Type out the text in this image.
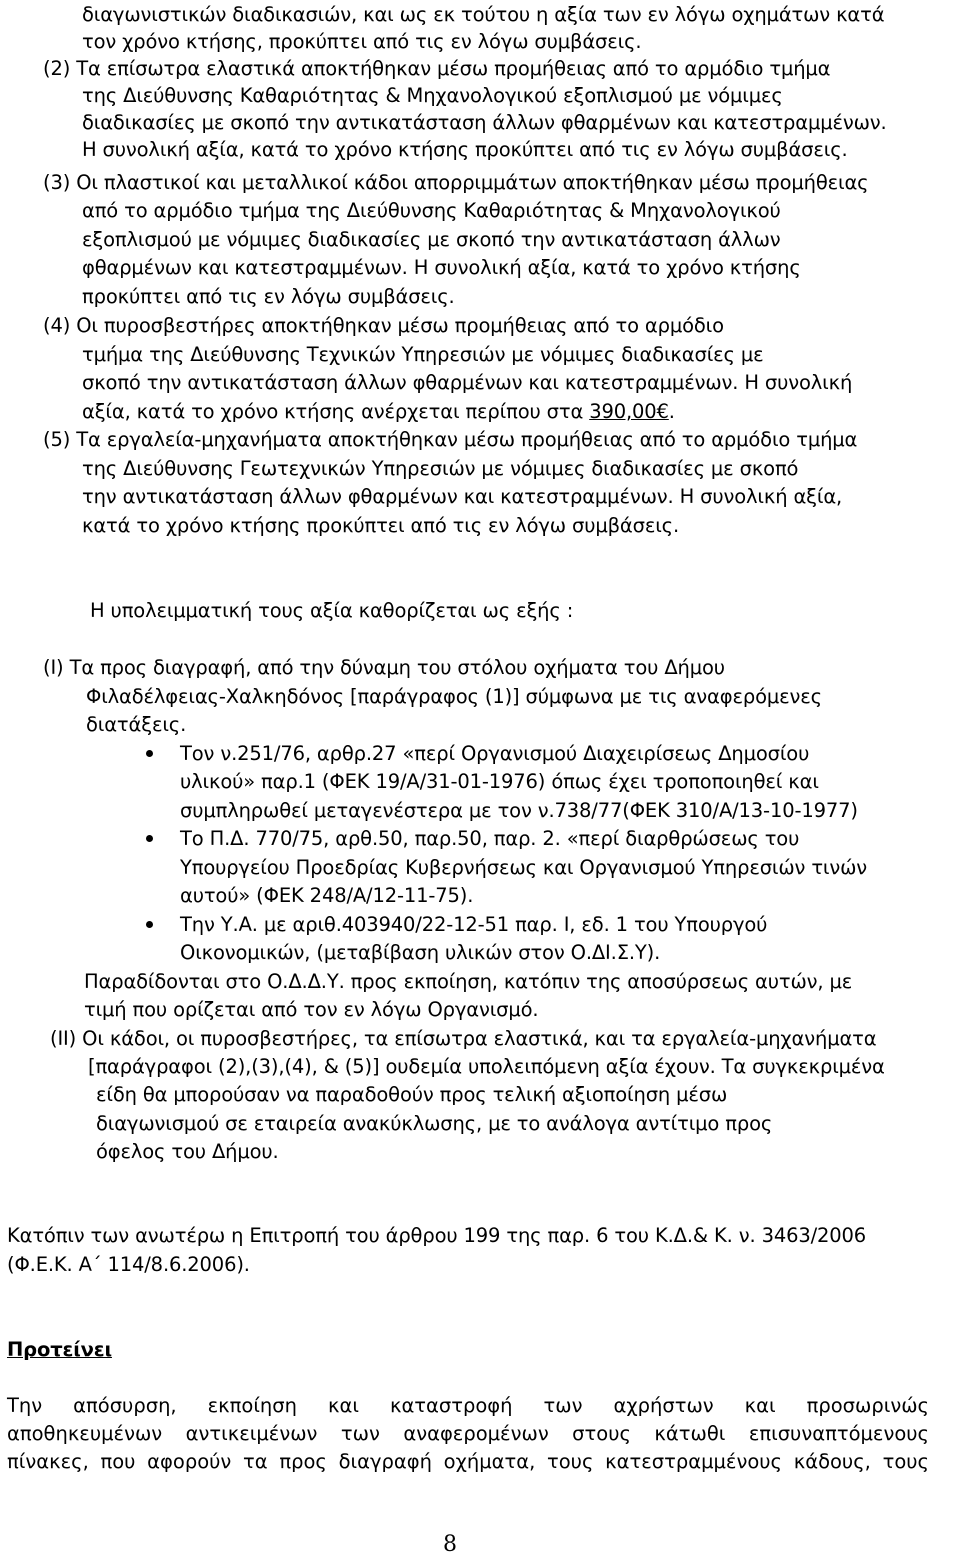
διαγωνιστικών διαδικασιών, και ως εκ τούτου η αξία των εν λόγω οχημάτων κατά
τον χρόνο κτήσης, προκύπτει από τις εν λόγω συμβάσεις.
(2) Τα επίσωτρα ελαστικά αποκτήθηκαν μέσω προμήθειας από το αρμόδιο τμήμα
της Διεύθυνσης Καθαριότητας & Μηχανολογικού εξοπλισμού με νόμιμες
διαδικασίες με σκοπό την αντικατάσταση άλλων φθαρμένων και κατεστραμμένων.
Η συνολική αξία, κατά το χρόνο κτήσης προκύπτει από τις εν λόγω συμβάσεις.
(3) Οι πλαστικοί και μεταλλικοί κάδοι απορριμμάτων αποκτήθηκαν μέσω προμήθειας
από το αρμόδιο τμήμα της Διεύθυνσης Καθαριότητας & Μηχανολογικού
εξοπλισμού με νόμιμες διαδικασίες με σκοπό την αντικατάσταση άλλων
φθαρμένων και κατεστραμμένων. Η συνολική αξία, κατά το χρόνο κτήσης
προκύπτει από τις εν λόγω συμβάσεις.
(4) Οι πυροσβεστήρες αποκτήθηκαν μέσω προμήθειας από το αρμόδιο
τμήμα της Διεύθυνσης Τεχνικών Υπηρεσιών με νόμιμες διαδικασίες με
σκοπό την αντικατάσταση άλλων φθαρμένων και κατεστραμμένων. Η συνολική
αξία, κατά το χρόνο κτήσης ανέρχεται περίπου στα 390,00€.
(5) Τα εργαλεία-μηχανήματα αποκτήθηκαν μέσω προμήθειας από το αρμόδιο τμήμα
της Διεύθυνσης Γεωτεχνικών Υπηρεσιών με νόμιμες διαδικασίες με σκοπό
την αντικατάσταση άλλων φθαρμένων και κατεστραμμένων. Η συνολική αξία,
κατά το χρόνο κτήσης προκύπτει από τις εν λόγω συμβάσεις.
Η υπολειμματική τους αξία καθορίζεται ως εξής :
(Ι) Τα προς διαγραφή, από την δύναμη του στόλου οχήματα του Δήμου
Φιλαδέλφειας-Χαλκηδόνος [παράγραφος (1)] σύμφωνα με τις αναφερόμενες
διατάξεις.
Τον ν.251/76, αρθρ.27 «περί Οργανισμού Διαχειρίσεως Δημοσίου
υλικού» παρ.1 (ΦΕΚ 19/Α/31-01-1976) όπως έχει τροποποιηθεί και
συμπληρωθεί μεταγενέστερα με τον ν.738/77(ΦΕΚ 310/Α/13-10-1977)
Το Π.Δ. 770/75, αρθ.50, παρ.50, παρ. 2. «περί διαρθρώσεως του
Υπουργείου Προεδρίας Κυβερνήσεως και Οργανισμού Υπηρεσιών τινών
αυτού» (ΦΕΚ 248/Α/12-11-75).
Την Υ.Α. με αριθ.403940/22-12-51 παρ. Ι, εδ. 1 του Υπουργού
Οικονομικών, (μεταβίβαση υλικών στον Ο.ΔΙ.Σ.Υ).
Παραδίδονται στο Ο.Δ.Δ.Υ. προς εκποίηση, κατόπιν της αποσύρσεως αυτών, με
τιμή που ορίζεται από τον εν λόγω Οργανισμό.
(ΙΙ) Οι κάδοι, οι πυροσβεστήρες, τα επίσωτρα ελαστικά, και τα εργαλεία-μηχανήματα
[παράγραφοι (2),(3),(4), & (5)] ουδεμία υπολειπόμενη αξία έχουν. Τα συγκεκριμένα
είδη θα μπορούσαν να παραδοθούν προς τελική αξιοποίηση μέσω
διαγωνισμού σε εταιρεία ανακύκλωσης, με το ανάλογα αντίτιμο προς
όφελος του Δήμου.
Κατόπιν των ανωτέρω η Επιτροπή του άρθρου 199 της παρ. 6 του Κ.Δ.& Κ. ν. 3463/2006
(Φ.Ε.Κ. Α΄ 114/8.6.2006).
Προτείνει
Την απόσυρση, εκποίηση και καταστροφή των αχρήστων και προσωρινώς
αποθηκευμένων αντικειμένων των αναφερομένων στους κάτωθι επισυναπτόμενους
πίνακες, που αφορούν τα προς διαγραφή οχήματα, τους κατεστραμμένους κάδους, τους
8
